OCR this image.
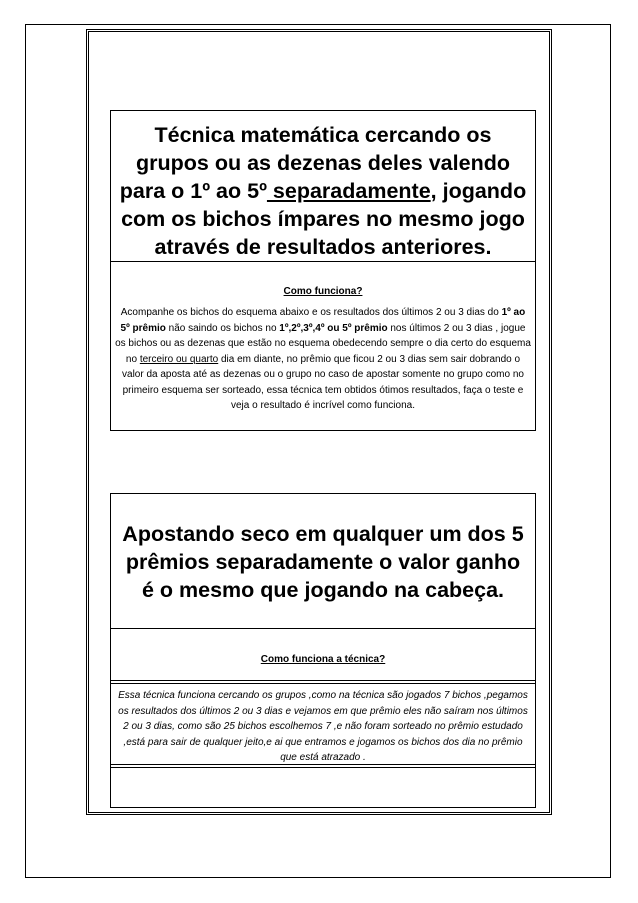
Técnica matemática cercando os grupos ou as dezenas deles valendo para o 1º ao 5º separadamente, jogando com os bichos ímpares no mesmo jogo através de resultados anteriores.
Como funciona?
Acompanhe os bichos do esquema abaixo e os resultados dos últimos 2 ou 3 dias do 1º ao 5º prêmio não saindo os bichos no 1º,2º,3º,4º ou 5º prêmio nos últimos 2 ou 3 dias , jogue os bichos ou as dezenas que estão no esquema obedecendo sempre o dia certo do esquema no terceiro ou quarto dia em diante, no prêmio que ficou 2 ou 3 dias sem sair dobrando o valor da aposta até as dezenas ou o grupo no caso de apostar somente no grupo como no primeiro esquema ser sorteado, essa técnica tem obtidos ótimos resultados, faça o teste e veja o resultado é incrível como funciona.
Apostando seco em qualquer um dos 5 prêmios separadamente o valor ganho é o mesmo que jogando na cabeça.
Como funciona a técnica?
Essa técnica funciona cercando os grupos ,como na técnica são jogados 7 bichos ,pegamos os resultados dos últimos 2 ou 3 dias e vejamos em que prêmio eles não saíram nos últimos 2 ou 3 dias, como são 25 bichos escolhemos 7 ,e não foram sorteado no prêmio estudado ,está para sair de qualquer jeito,e ai que entramos e jogamos os bichos dos dia no prêmio que está atrazado .
